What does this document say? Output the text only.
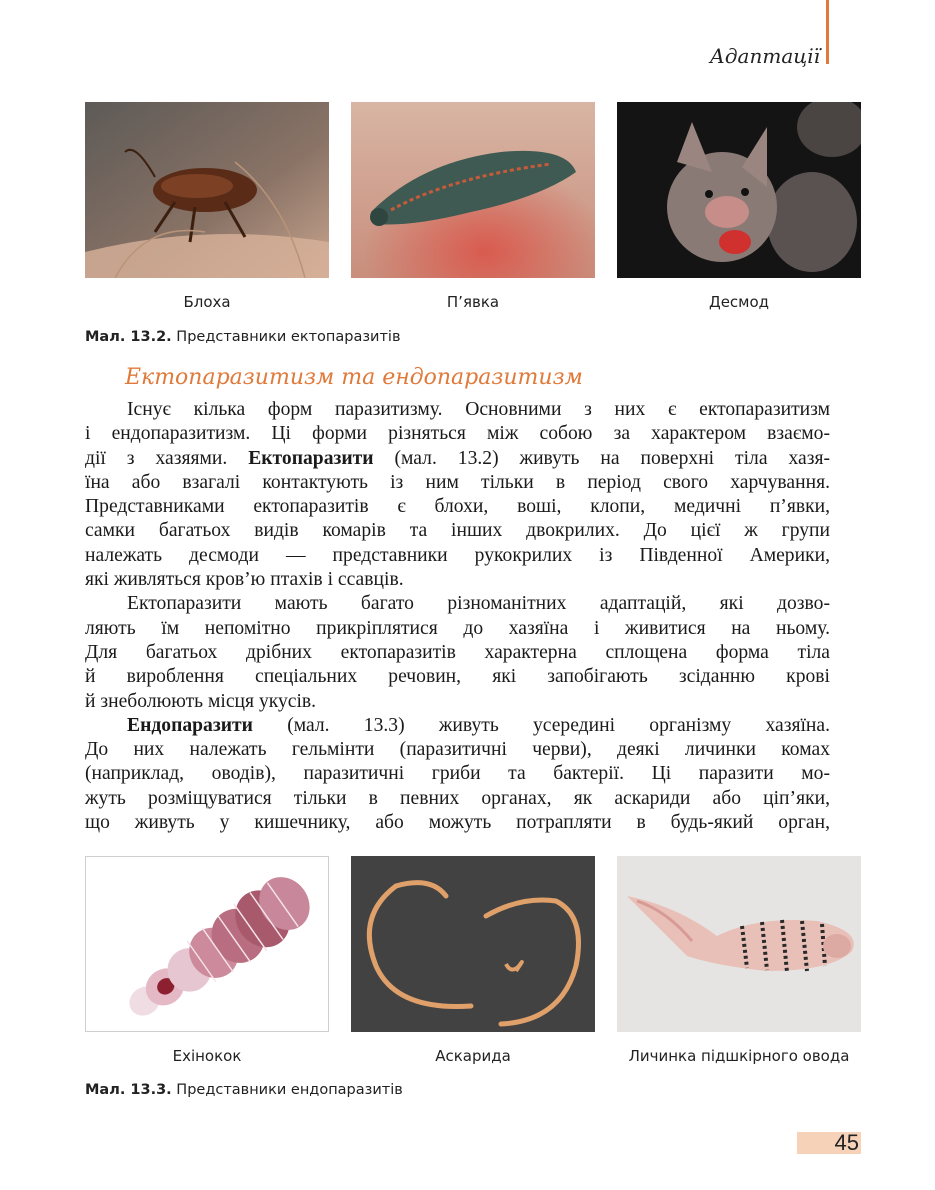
Адаптації
Блоха	П’явка	Десмод
Мал. 13.2. Представники ектопаразитів
Ектопаразитизм та ендопаразитизм
Існує кілька форм паразитизму. Основними з них є ектопаразитизм
і ендопаразитизм. Ці форми різняться між собою за характером взаємо-
дії з хазяями. Ектопаразити (мал. 13.2) живуть на поверхні тіла хазя-
їна або взагалі контактують із ним тільки в період свого харчування.
Представниками ектопаразитів є блохи, воші, клопи, медичні п’явки,
самки багатьох видів комарів та інших двокрилих. До цієї ж групи
належать десмоди — представники рукокрилих із Південної Америки,
які живляться кров’ю птахів і ссавців.
Ектопаразити мають багато різноманітних адаптацій, які дозво-
ляють їм непомітно прикріплятися до хазяїна і живитися на ньому.
Для багатьох дрібних ектопаразитів характерна сплощена форма тіла
й вироблення спеціальних речовин, які запобігають зсіданню крові
й знеболюють місця укусів.
Ендопаразити (мал. 13.3) живуть усередині організму хазяїна.
До них належать гельмінти (паразитичні черви), деякі личинки комах
(наприклад, оводів), паразитичні гриби та бактерії. Ці паразити мо-
жуть розміщуватися тільки в певних органах, як аскариди або ціп’яки,
що живуть у кишечнику, або можуть потрапляти в будь-який орган,
Ехінокок	Аскарида	Личинка підшкірного овода
Мал. 13.3. Представники ендопаразитів
45
